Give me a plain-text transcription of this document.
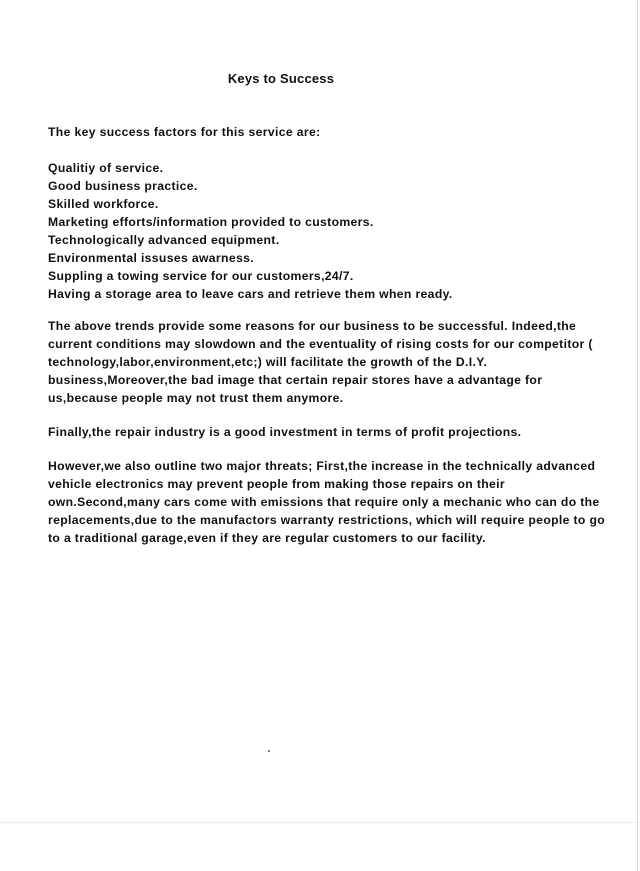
Keys to Success
The key success factors for this service are:
Qualitiy of service.
Good business practice.
Skilled workforce.
Marketing efforts/information provided to customers.
Technologically advanced equipment.
Environmental issuses awarness.
Suppling a towing service for our customers,24/7.
Having a storage area to leave cars and retrieve them when ready.
The above trends provide some reasons for our business to be successful. Indeed,the current conditions may slowdown and the eventuality of rising costs for our competitor ( technology,labor,environment,etc;) will facilitate the growth of the D.I.Y. business,Moreover,the bad image that certain repair stores have a advantage for us,because people may not trust them anymore.
Finally,the repair industry is a good investment in terms of profit projections.
However,we also outline two major threats; First,the increase in the technically advanced vehicle electronics may prevent people from making those repairs on their own.Second,many cars come with emissions that require only a mechanic who can do the replacements,due to the manufactors warranty restrictions, which will require people to go to a traditional garage,even if they are regular customers to our facility.
